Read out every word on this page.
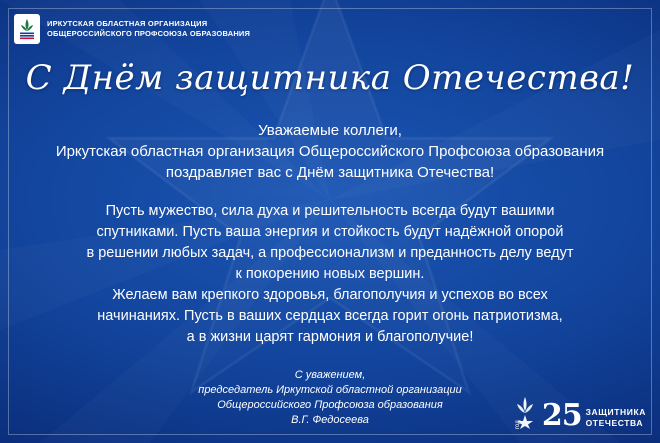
ИРКУТСКАЯ ОБЛАСТНАЯ ОРГАНИЗАЦИЯ
ОБЩЕРОССИЙСКОГО ПРОФСОЮЗА ОБРАЗОВАНИЯ
С Днём защитника Отечества!
Уважаемые коллеги,
Иркутская областная организация Общероссийского Профсоюза образования
поздравляет вас с Днём защитника Отечества!
Пусть мужество, сила духа и решительность всегда будут вашими
спутниками. Пусть ваша энергия и стойкость будут надёжной опорой
в решении любых задач, а профессионализм и преданность делу ведут
к покорению новых вершин.
Желаем вам крепкого здоровья, благополучия и успехов во всех
начинаниях. Пусть в ваших сердцах всегда горит огонь патриотизма,
а в жизни царят гармония и благополучие!
С уважением,
председатель Иркутской областной организации
Общероссийского Профсоюза образования
В.Г. Федосеева	год 25 ЗАЩИТНИКА
ОТЕЧЕСТВА
